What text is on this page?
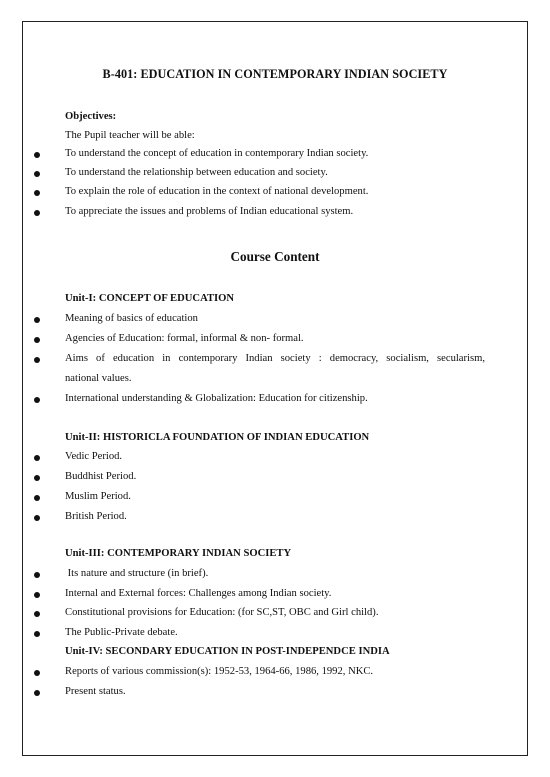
B-401: EDUCATION IN CONTEMPORARY INDIAN SOCIETY
Objectives:
The Pupil teacher will be able:
To understand the concept of education in contemporary Indian society.
To understand the relationship between education and society.
To explain the role of education in the context of national development.
To appreciate the issues and problems of Indian educational system.
Course Content
Unit-I: CONCEPT OF EDUCATION
Meaning of basics of education
Agencies of Education: formal, informal & non- formal.
Aims of education in contemporary Indian society : democracy, socialism, secularism,
national values.
International understanding & Globalization: Education for citizenship.
Unit-II: HISTORICLA FOUNDATION OF INDIAN EDUCATION
Vedic Period.
Buddhist Period.
Muslim Period.
British Period.
Unit-III: CONTEMPORARY INDIAN SOCIETY
Its nature and structure (in brief).
Internal and External forces: Challenges among Indian society.
Constitutional provisions for Education: (for SC,ST, OBC and Girl child).
The Public-Private debate.
Unit-IV: SECONDARY EDUCATION IN POST-INDEPENDCE INDIA
Reports of various commission(s): 1952-53, 1964-66, 1986, 1992, NKC.
Present status.
